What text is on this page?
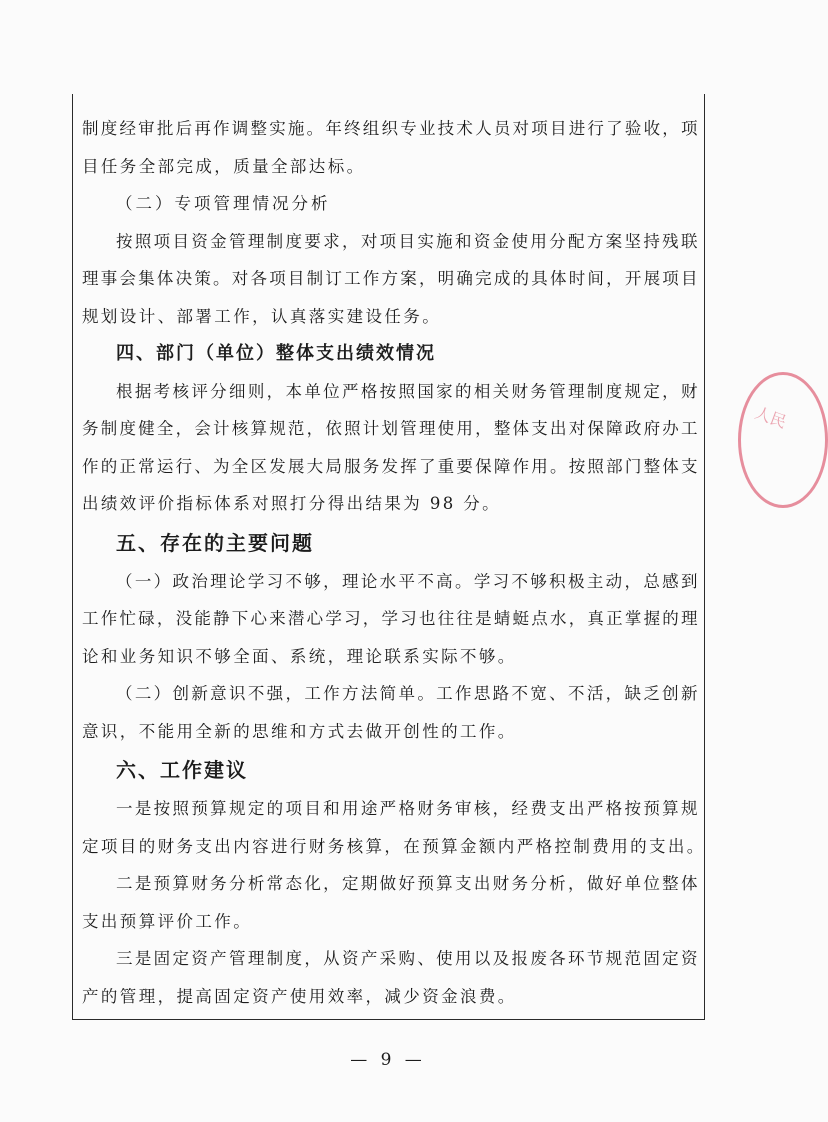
制度经审批后再作调整实施。年终组织专业技术人员对项目进行了验收，项
目任务全部完成，质量全部达标。
（二）专项管理情况分析
按照项目资金管理制度要求，对项目实施和资金使用分配方案坚持残联
理事会集体决策。对各项目制订工作方案，明确完成的具体时间，开展项目
规划设计、部署工作，认真落实建设任务。
四、部门（单位）整体支出绩效情况
根据考核评分细则，本单位严格按照国家的相关财务管理制度规定，财
务制度健全，会计核算规范，依照计划管理使用，整体支出对保障政府办工
作的正常运行、为全区发展大局服务发挥了重要保障作用。按照部门整体支
出绩效评价指标体系对照打分得出结果为 98 分。
五、存在的主要问题
（一）政治理论学习不够，理论水平不高。学习不够积极主动，总感到
工作忙碌，没能静下心来潜心学习，学习也往往是蜻蜓点水，真正掌握的理
论和业务知识不够全面、系统，理论联系实际不够。
（二）创新意识不强，工作方法简单。工作思路不宽、不活，缺乏创新
意识，不能用全新的思维和方式去做开创性的工作。
六、工作建议
一是按照预算规定的项目和用途严格财务审核，经费支出严格按预算规
定项目的财务支出内容进行财务核算，在预算金额内严格控制费用的支出。
二是预算财务分析常态化，定期做好预算支出财务分析，做好单位整体
支出预算评价工作。
三是固定资产管理制度，从资产采购、使用以及报废各环节规范固定资
产的管理，提高固定资产使用效率，减少资金浪费。
人民
— 9 —
